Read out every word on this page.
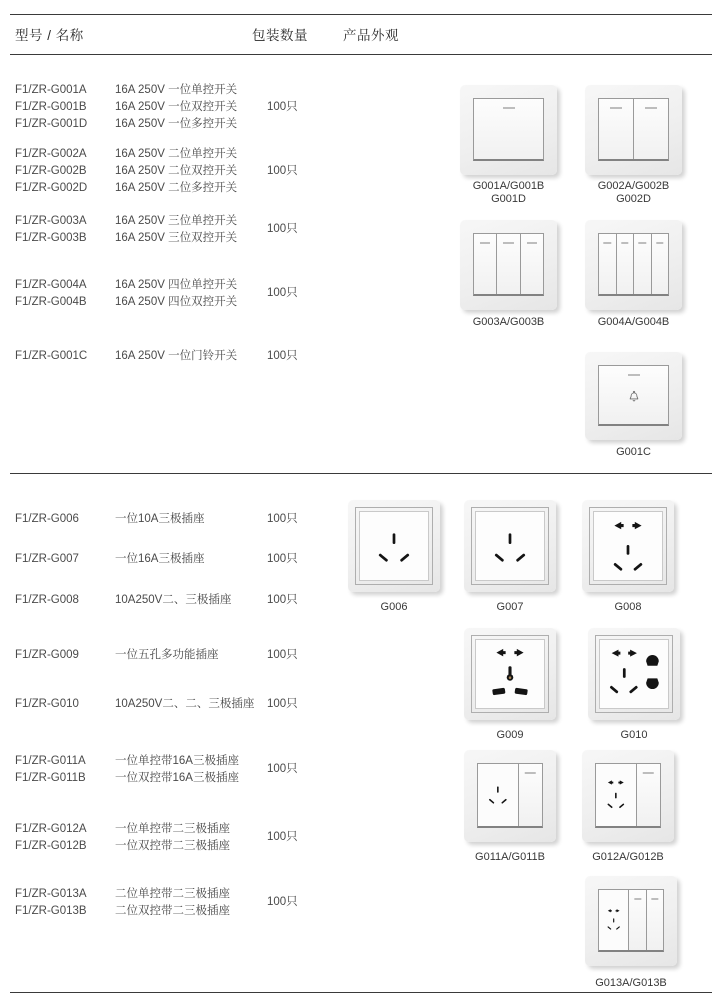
型号 / 名称	包装数量	产品外观
F1/ZR-G001A 16A 250V 一位单控开关
F1/ZR-G001B 16A 250V 一位双控开关
F1/ZR-G001D 16A 250V 一位多控开关
100只
F1/ZR-G002A 16A 250V 二位单控开关
F1/ZR-G002B 16A 250V 二位双控开关
F1/ZR-G002D 16A 250V 二位多控开关
100只
F1/ZR-G003A 16A 250V 三位单控开关
F1/ZR-G003B 16A 250V 三位双控开关
100只
F1/ZR-G004A 16A 250V 四位单控开关
F1/ZR-G004B 16A 250V 四位双控开关
100只
F1/ZR-G001C 16A 250V 一位门铃开关	100只
G001A/G001B
G001D
G002A/G002B
G002D
G003A/G003B	G004A/G004B
G001C
F1/ZR-G006	一位10A三极插座	100只
F1/ZR-G007	一位16A三极插座	100只
F1/ZR-G008	10A250V二、三极插座	100只
F1/ZR-G009	一位五孔多功能插座	100只
F1/ZR-G010	10A250V二、二、三极插座 100只
F1/ZR-G011A	一位单控带16A三极插座
F1/ZR-G011B	一位双控带16A三极插座
100只
F1/ZR-G012A 一位单控带二三极插座
F1/ZR-G012B 一位双控带二三极插座
100只
F1/ZR-G013A 二位单控带二三极插座
F1/ZR-G013B 二位双控带二三极插座
100只
G006	G007	G008
G009	G010
G011A/G011B	G012A/G012B
G013A/G013B
